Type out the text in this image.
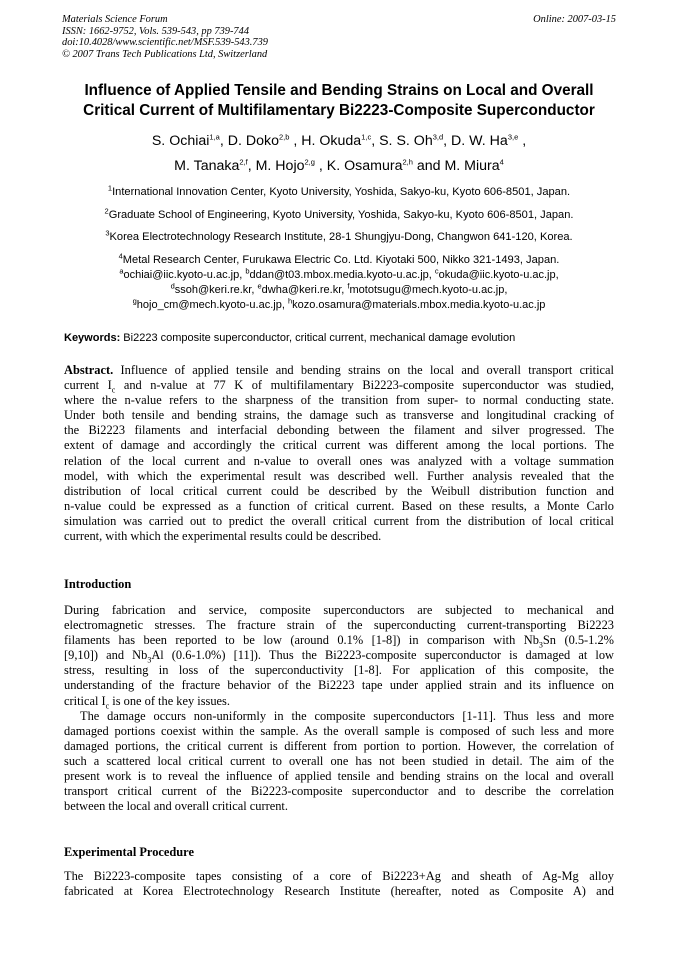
Materials Science Forum
ISSN: 1662-9752, Vols. 539-543, pp 739-744
doi:10.4028/www.scientific.net/MSF.539-543.739
© 2007 Trans Tech Publications Ltd, Switzerland
Online: 2007-03-15
Influence of Applied Tensile and Bending Strains on Local and Overall
Critical Current of Multifilamentary Bi2223-Composite Superconductor
S. Ochiai$^{1,a}$, D. Doko$^{2,b}$ , H. Okuda$^{1,c}$, S. S. Oh$^{3,d}$, D. W. Ha$^{3,e}$ ,
M. Tanaka$^{2,f}$, M. Hojo$^{2,g}$ , K. Osamura$^{2,h}$ and M. Miura$^4$
$^1$International Innovation Center, Kyoto University, Yoshida, Sakyo-ku, Kyoto 606-8501, Japan.
$^2$Graduate School of Engineering, Kyoto University, Yoshida, Sakyo-ku, Kyoto 606-8501, Japan.
$^3$Korea Electrotechnology Research Institute, 28-1 Shungjyu-Dong, Changwon 641-120, Korea.
$^4$Metal Research Center, Furukawa Electric Co. Ltd. Kiyotaki 500, Nikko 321-1493, Japan.
$^a$ochiai@iic.kyoto-u.ac.jp, $^b$ddan@t03.mbox.media.kyoto-u.ac.jp, $^c$okuda@iic.kyoto-u.ac.jp,
$^d$ssoh@keri.re.kr, $^e$dwha@keri.re.kr, $^f$mototsugu@mech.kyoto-u.ac.jp,
$^g$hojo_cm@mech.kyoto-u.ac.jp, $^h$kozo.osamura@materials.mbox.media.kyoto-u.ac.jp
Keywords: Bi2223 composite superconductor, critical current, mechanical damage evolution
Abstract. Influence of applied tensile and bending strains on the local and overall transport critical
current $I_c$ and n-value at 77 K of multifilamentary Bi2223-composite superconductor was studied,
where the n-value refers to the sharpness of the transition from super- to normal conducting state.
Under both tensile and bending strains, the damage such as transverse and longitudinal cracking of
the Bi2223 filaments and interfacial debonding between the filament and silver progressed. The
extent of damage and accordingly the critical current was different among the local portions. The
relation of the local current and n-value to overall ones was analyzed with a voltage summation
model, with which the experimental result was described well. Further analysis revealed that the
distribution of local critical current could be described by the Weibull distribution function and
n-value could be expressed as a function of critical current. Based on these results, a Monte Carlo
simulation was carried out to predict the overall critical current from the distribution of local critical
current, with which the experimental results could be described.
Introduction
During fabrication and service, composite superconductors are subjected to mechanical and
electromagnetic stresses. The fracture strain of the superconducting current-transporting Bi2223
filaments has been reported to be low (around 0.1% [1-8]) in comparison with $Nb_3Sn$ (0.5-1.2%
[9,10]) and $Nb_3Al$ (0.6-1.0%) [11]). Thus the Bi2223-composite superconductor is damaged at low
stress, resulting in loss of the superconductivity [1-8]. For application of this composite, the
understanding of the fracture behavior of the Bi2223 tape under applied strain and its influence on
critical $I_c$ is one of the key issues.
The damage occurs non-uniformly in the composite superconductors [1-11]. Thus less and more
damaged portions coexist within the sample. As the overall sample is composed of such less and more
damaged portions, the critical current is different from portion to portion. However, the correlation of
such a scattered local critical current to overall one has not been studied in detail. The aim of the
present work is to reveal the influence of applied tensile and bending strains on the local and overall
transport critical current of the Bi2223-composite superconductor and to describe the correlation
between the local and overall critical current.
Experimental Procedure
The Bi2223-composite tapes consisting of a core of Bi2223+Ag and sheath of Ag-Mg alloy
fabricated at Korea Electrotechnology Research Institute (hereafter, noted as Composite A) and
